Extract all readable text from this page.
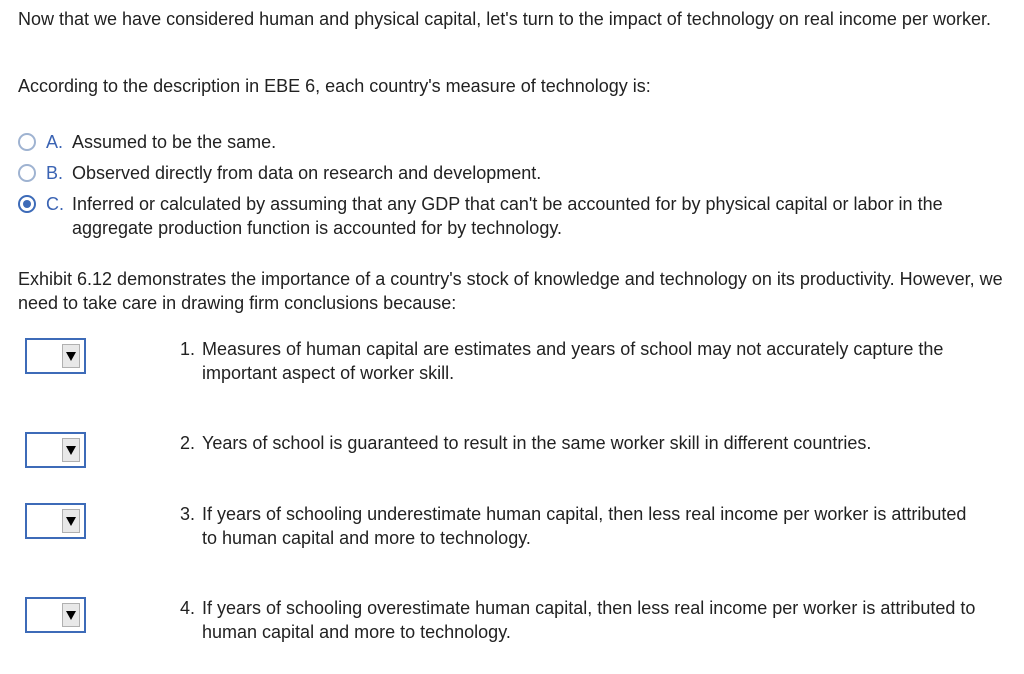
Now that we have considered human and physical capital, let's turn to the impact of technology on real income per worker.

According to the description in EBE 6, each country's measure of technology is:

A. Assumed to be the same.
B. Observed directly from data on research and development.
C. Inferred or calculated by assuming that any GDP that can't be accounted for by physical capital or labor in the aggregate production function is accounted for by technology.

Exhibit 6.12 demonstrates the importance of a country's stock of knowledge and technology on its productivity. However, we need to take care in drawing firm conclusions because:

1. Measures of human capital are estimates and years of school may not accurately capture the important aspect of worker skill.
2. Years of school is guaranteed to result in the same worker skill in different countries.
3. If years of schooling underestimate human capital, then less real income per worker is attributed to human capital and more to technology.
4. If years of schooling overestimate human capital, then less real income per worker is attributed to human capital and more to technology.
